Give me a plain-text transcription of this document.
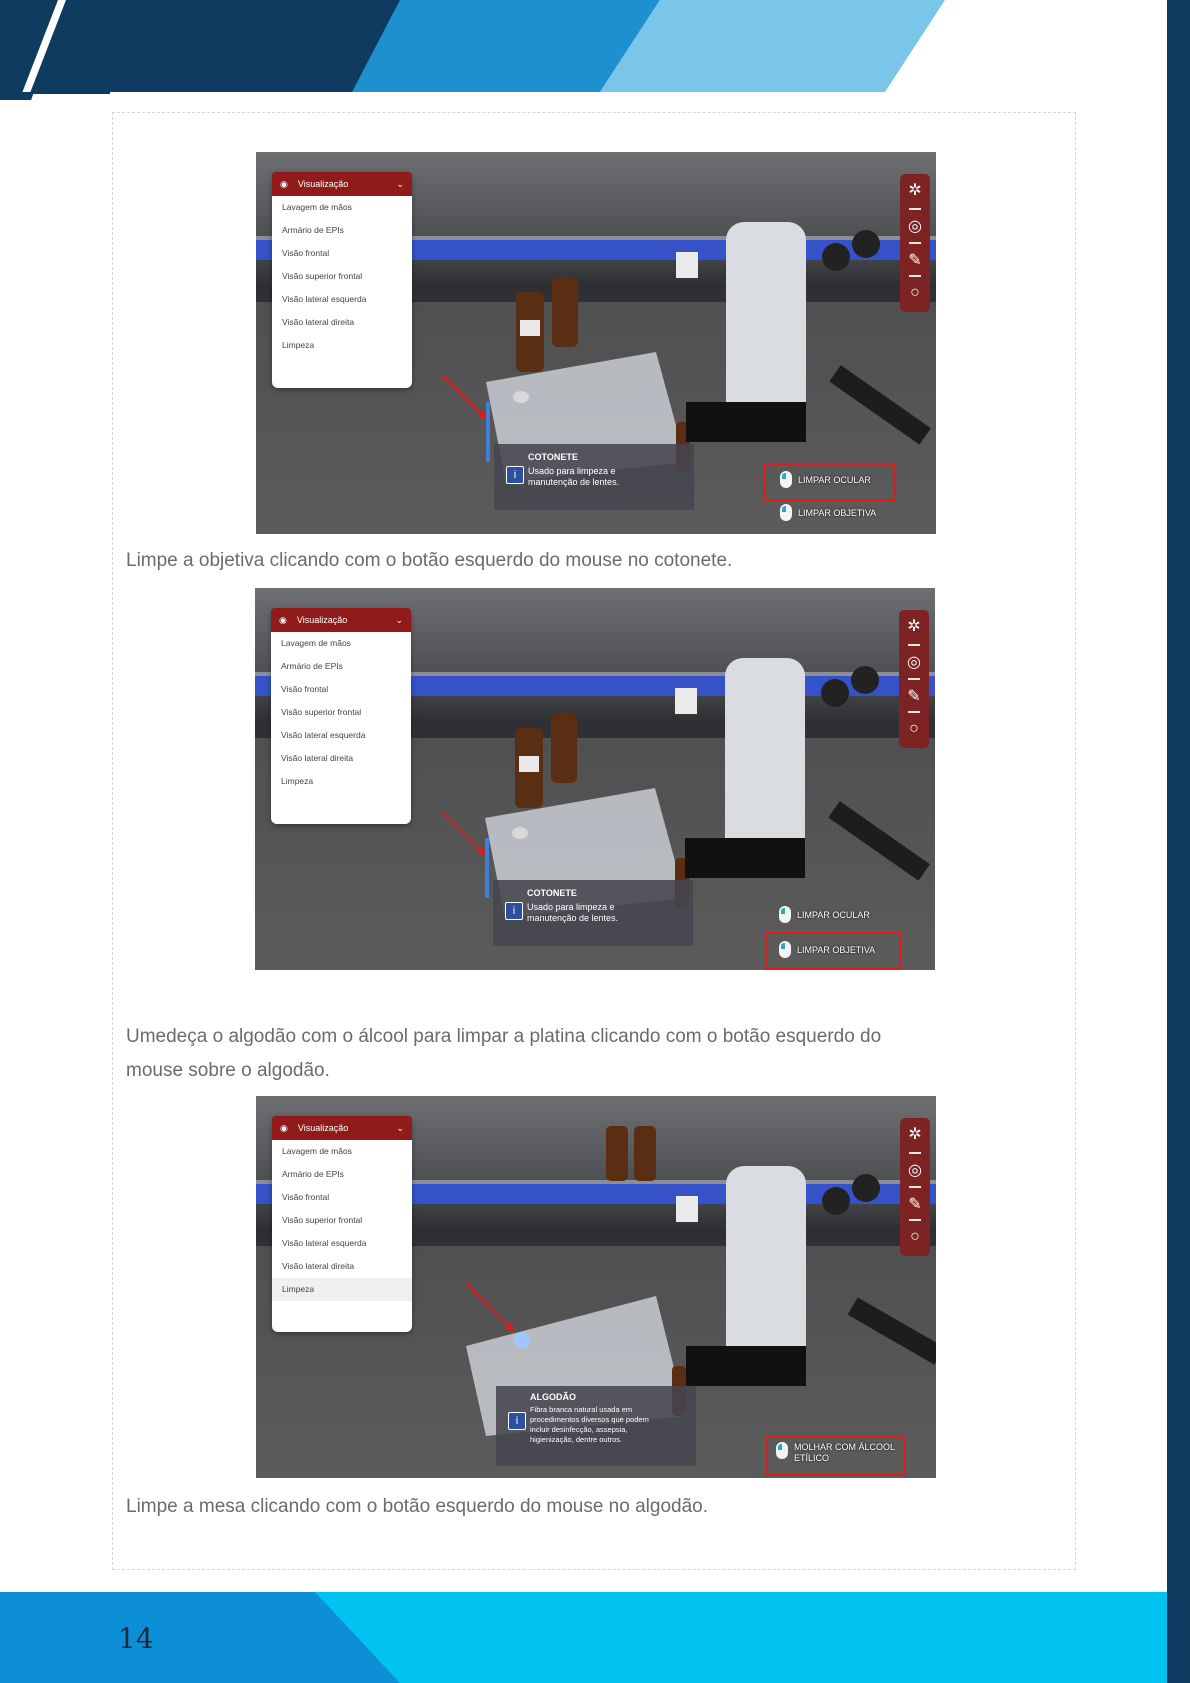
◉ Visualização	⌄
Lavagem de mãos
Armário de EPIs
Visão frontal
Visão superior frontal
Visão lateral esquerda
Visão lateral direita
Limpeza
✲
◎
✎
○
i
COTONETE
Usado para limpeza e
manutenção de lentes.	LIMPAR OCULAR
LIMPAR OBJETIVA
Limpe a objetiva clicando com o botão esquerdo do mouse no cotonete.
◉ Visualização	⌄
Lavagem de mãos
Armário de EPIs
Visão frontal
Visão superior frontal
Visão lateral esquerda
Visão lateral direita
Limpeza
✲
◎
✎
○
i
COTONETE
Usado para limpeza e
manutenção de lentes.	LIMPAR OCULAR
LIMPAR OBJETIVA
Umedeça o algodão com o álcool para limpar a platina clicando com o botão esquerdo do
mouse sobre o algodão.
◉ Visualização	⌄
Lavagem de mãos
Armário de EPIs
Visão frontal
Visão superior frontal
Visão lateral esquerda
Visão lateral direita
Limpeza
✲
◎
✎
○
i
ALGODÃO
Fibra branca natural usada em
procedimentos diversos que podem
incluir desinfecção, assepsia,
higienização, dentre outros.
MOLHAR COM ÁLCOOL
ETÍLICO
Limpe a mesa clicando com o botão esquerdo do mouse no algodão.
14
